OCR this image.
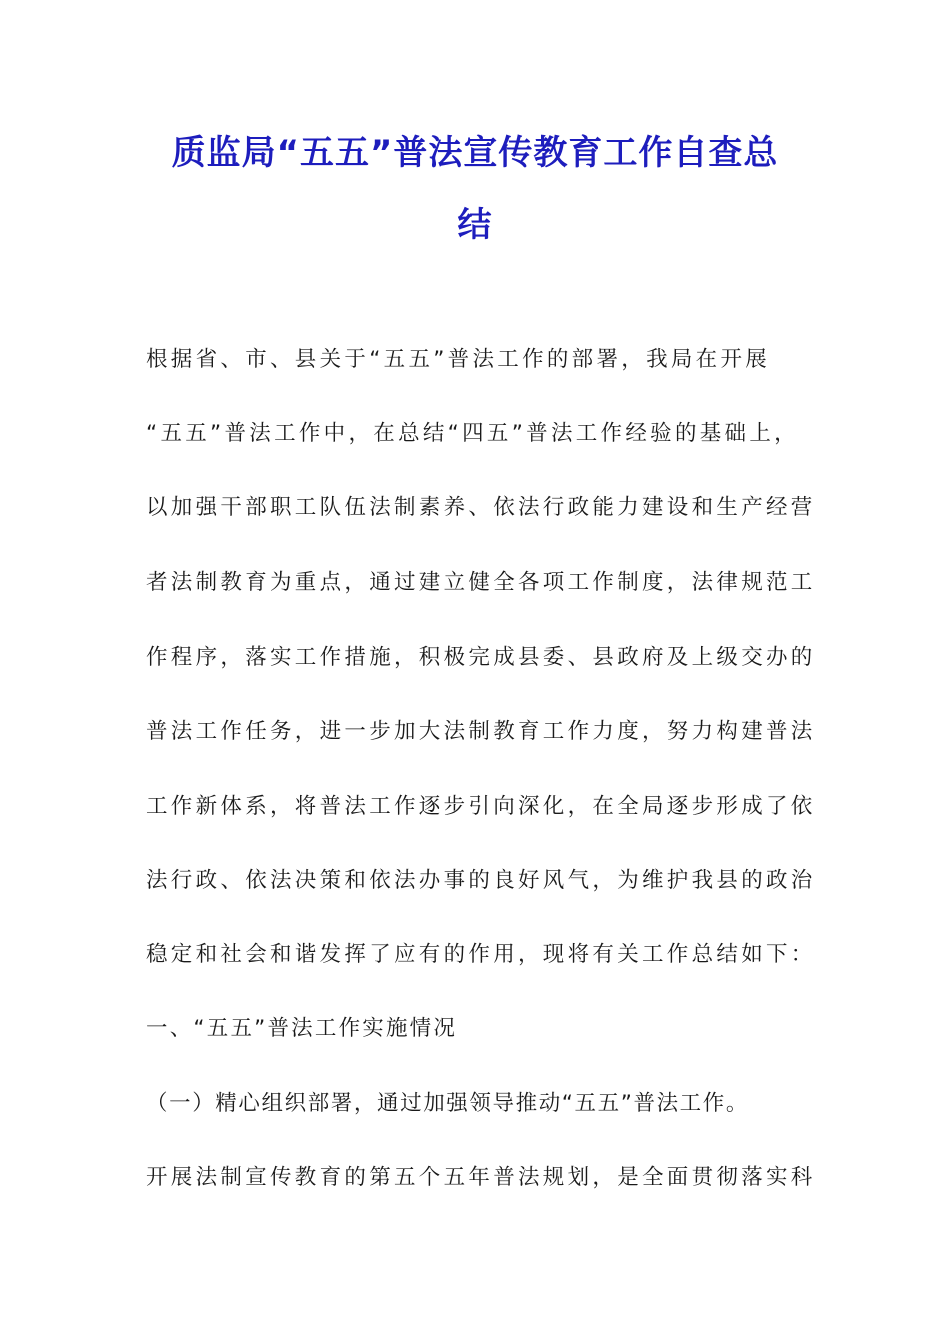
质监局“五五”普法宣传教育工作自查总
结
根据省、市、县关于“五五”普法工作的部署，我局在开展
“五五”普法工作中，在总结“四五”普法工作经验的基础上，
以加强干部职工队伍法制素养、依法行政能力建设和生产经营
者法制教育为重点，通过建立健全各项工作制度，法律规范工
作程序，落实工作措施，积极完成县委、县政府及上级交办的
普法工作任务，进一步加大法制教育工作力度，努力构建普法
工作新体系，将普法工作逐步引向深化，在全局逐步形成了依
法行政、依法决策和依法办事的良好风气，为维护我县的政治
稳定和社会和谐发挥了应有的作用，现将有关工作总结如下：
一、“五五”普法工作实施情况
（一）精心组织部署，通过加强领导推动“五五”普法工作。
开展法制宣传教育的第五个五年普法规划，是全面贯彻落实科
